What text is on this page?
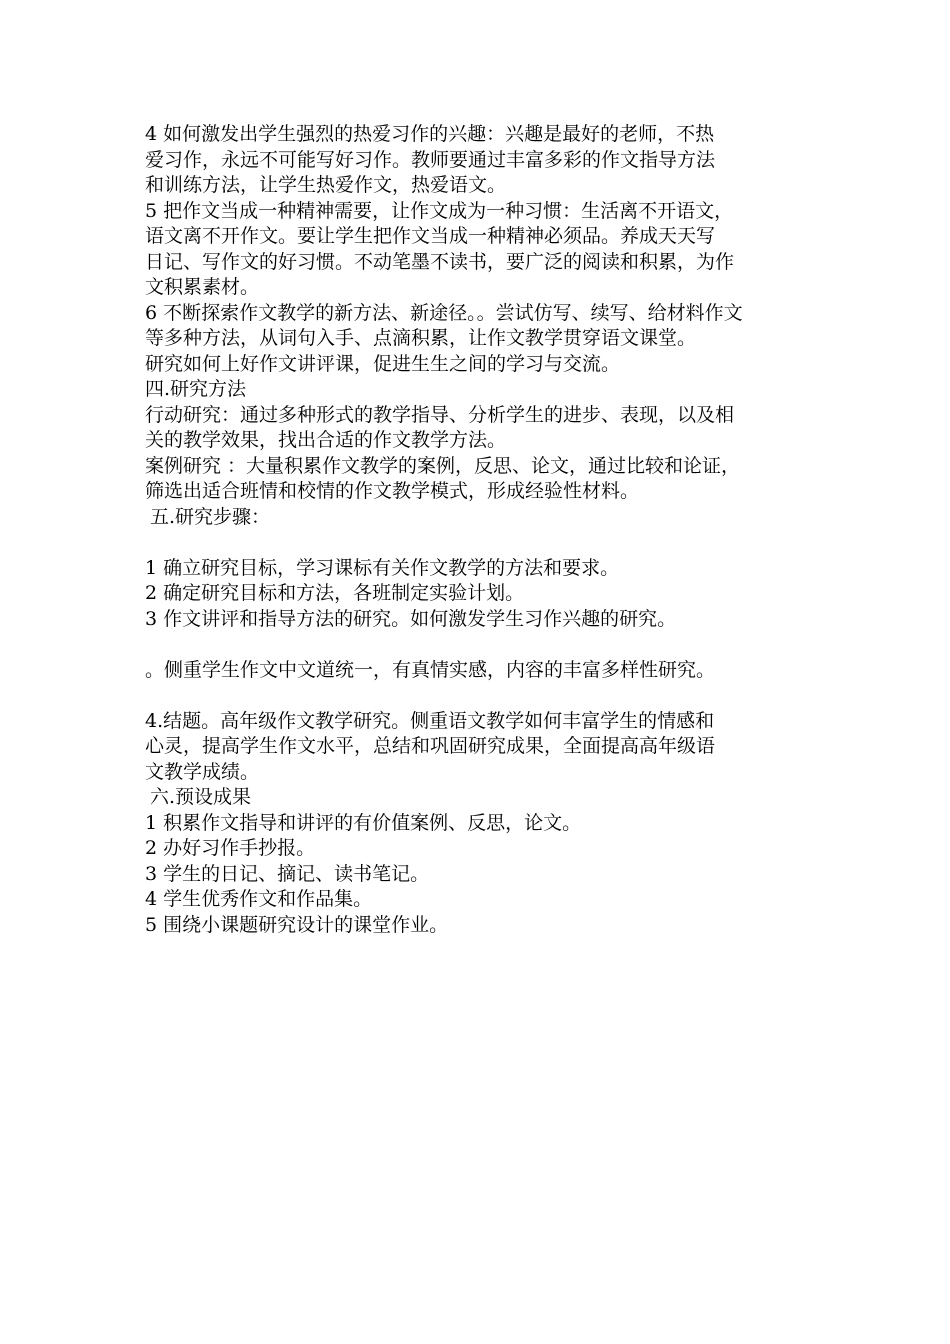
4 如何激发出学生强烈的热爱习作的兴趣：兴趣是最好的老师，不热
爱习作，永远不可能写好习作。教师要通过丰富多彩的作文指导方法
和训练方法，让学生热爱作文，热爱语文。
5 把作文当成一种精神需要，让作文成为一种习惯：生活离不开语文，
语文离不开作文。要让学生把作文当成一种精神必须品。养成天天写
日记、写作文的好习惯。不动笔墨不读书，要广泛的阅读和积累，为作
文积累素材。
6 不断探索作文教学的新方法、新途径。。尝试仿写、续写、给材料作文
等多种方法，从词句入手、点滴积累，让作文教学贯穿语文课堂。
研究如何上好作文讲评课，促进生生之间的学习与交流。
四.研究方法
行动研究：通过多种形式的教学指导、分析学生的进步、表现，以及相
关的教学效果，找出合适的作文教学方法。
案例研究 ：大量积累作文教学的案例，反思、论文，通过比较和论证，
筛选出适合班情和校情的作文教学模式，形成经验性材料。
五.研究步骤：
1 确立研究目标，学习课标有关作文教学的方法和要求。
2 确定研究目标和方法，各班制定实验计划。
3 作文讲评和指导方法的研究。如何激发学生习作兴趣的研究。
。侧重学生作文中文道统一，有真情实感，内容的丰富多样性研究。
4.结题。高年级作文教学研究。侧重语文教学如何丰富学生的情感和
心灵，提高学生作文水平，总结和巩固研究成果，全面提高高年级语
文教学成绩。
六.预设成果
1 积累作文指导和讲评的有价值案例、反思，论文。
2 办好习作手抄报。
3 学生的日记、摘记、读书笔记。
4 学生优秀作文和作品集。
5 围绕小课题研究设计的课堂作业。
